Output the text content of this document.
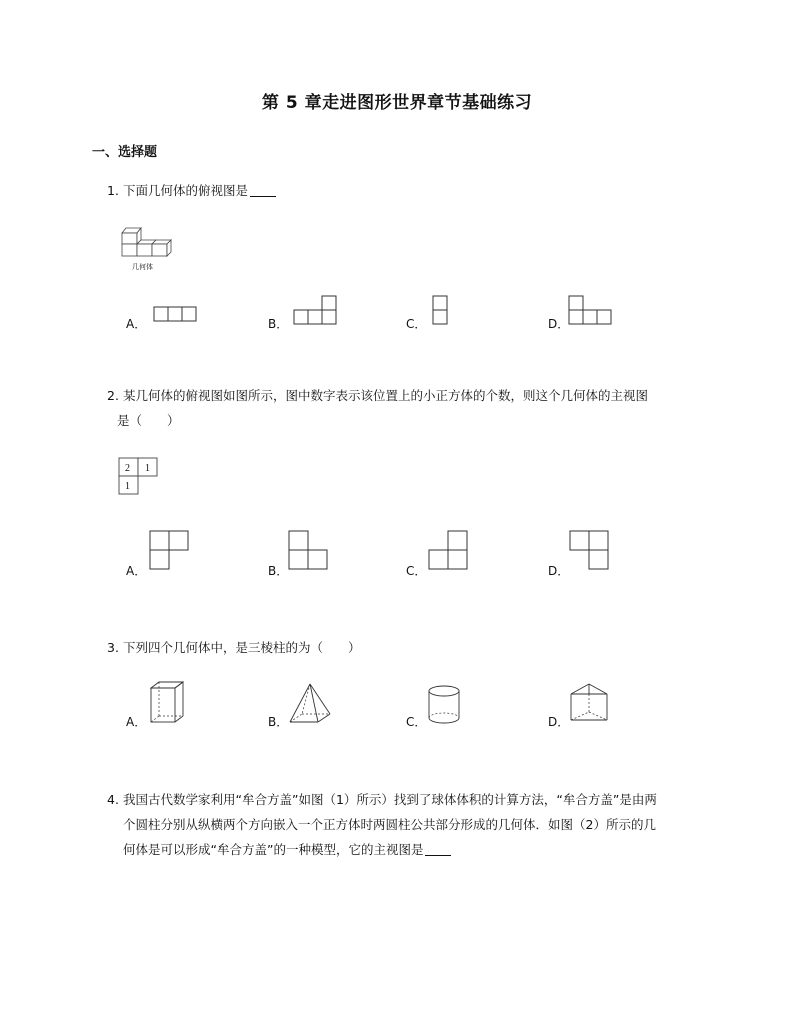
第 5 章走进图形世界章节基础练习
一、选择题
1. 下面几何体的俯视图是
几何体
A．	B．	C．	D．
2. 某几何体的俯视图如图所示，图中数字表示该位置上的小正方体的个数，则这个几何体的主视图
是（　　）
2 1
1
A．	B．	C．	D．
3. 下列四个几何体中，是三棱柱的为（　　）
A．	B．	C．	D．
4. 我国古代数学家利用“牟合方盖”如图（1）所示）找到了球体体积的计算方法，“牟合方盖”是由两
个圆柱分别从纵横两个方向嵌入一个正方体时两圆柱公共部分形成的几何体．如图（2）所示的几
何体是可以形成“牟合方盖”的一种模型，它的主视图是
